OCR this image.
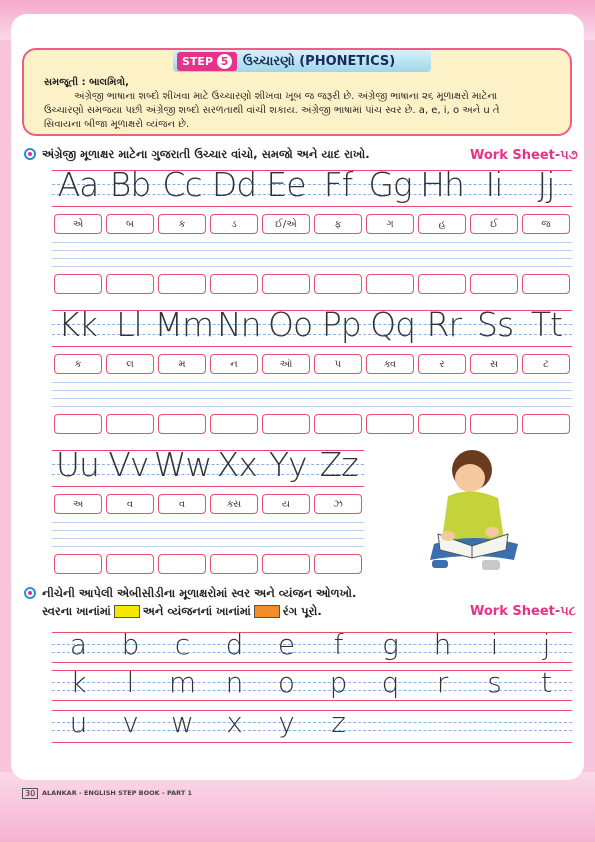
STEP 5 ઉચ્ચારણો (PHONETICS)

સમજૂતી : બાલમિત્રો,

અંગ્રેજી ભાષાના શબ્દો શીખવા માટે ઉચ્ચારણો શીખવા ખૂબ જ જરૂરી છે. અંગ્રેજી ભાષાના ૨૬ મૂળાક્ષરો માટેના

ઉચ્ચારણો સમજયા પછી અંગ્રેજી શબ્દો સરળતાથી વાંચી શકાય. અંગ્રેજી ભાષામાં પાંચ સ્વર છે. a, e, i, o અને u તે

સિવાયના બીજા મૂળાક્ષરો વ્યંજન છે.

અંગ્રેજી મૂળાક્ષર માટેના ગુજરાતી ઉચ્ચાર વાંચો, સમજો અને યાદ રાખો.	Work Sheet-૫૭
Aa Bb Cc Dd Ee Ff Gg Hh Ii	Jj
એ	બ	ક	ડ	ઈ/એ	ફ	ગ	હ	ઈ	જ
Kk Ll Mm Nn Oo Pp Qq Rr Ss Tt
ક	લ	મ	ન	ઑ	પ	ક્વ	ર	સ	ટ
Uu Vv Ww Xx Yy Zz
અ	વ	વ	ક્સ	ય	ઝ
નીચેની આપેલી એબીસીડીના મૂળાક્ષરોમાં સ્વર અને વ્યંજન ઓળખો.
સ્વરના ખાનાંમાં	અને વ્યંજનનાં ખાનાંમાં	રંગ પૂરો.	Work Sheet-૫૮
a	b	c	d	e	f	g	h	i	j
k	l	m	n	o	p	q	r	s	t
u	v	w	x	y	z
30	ALANKAR - ENGLISH STEP BOOK - PART 1
